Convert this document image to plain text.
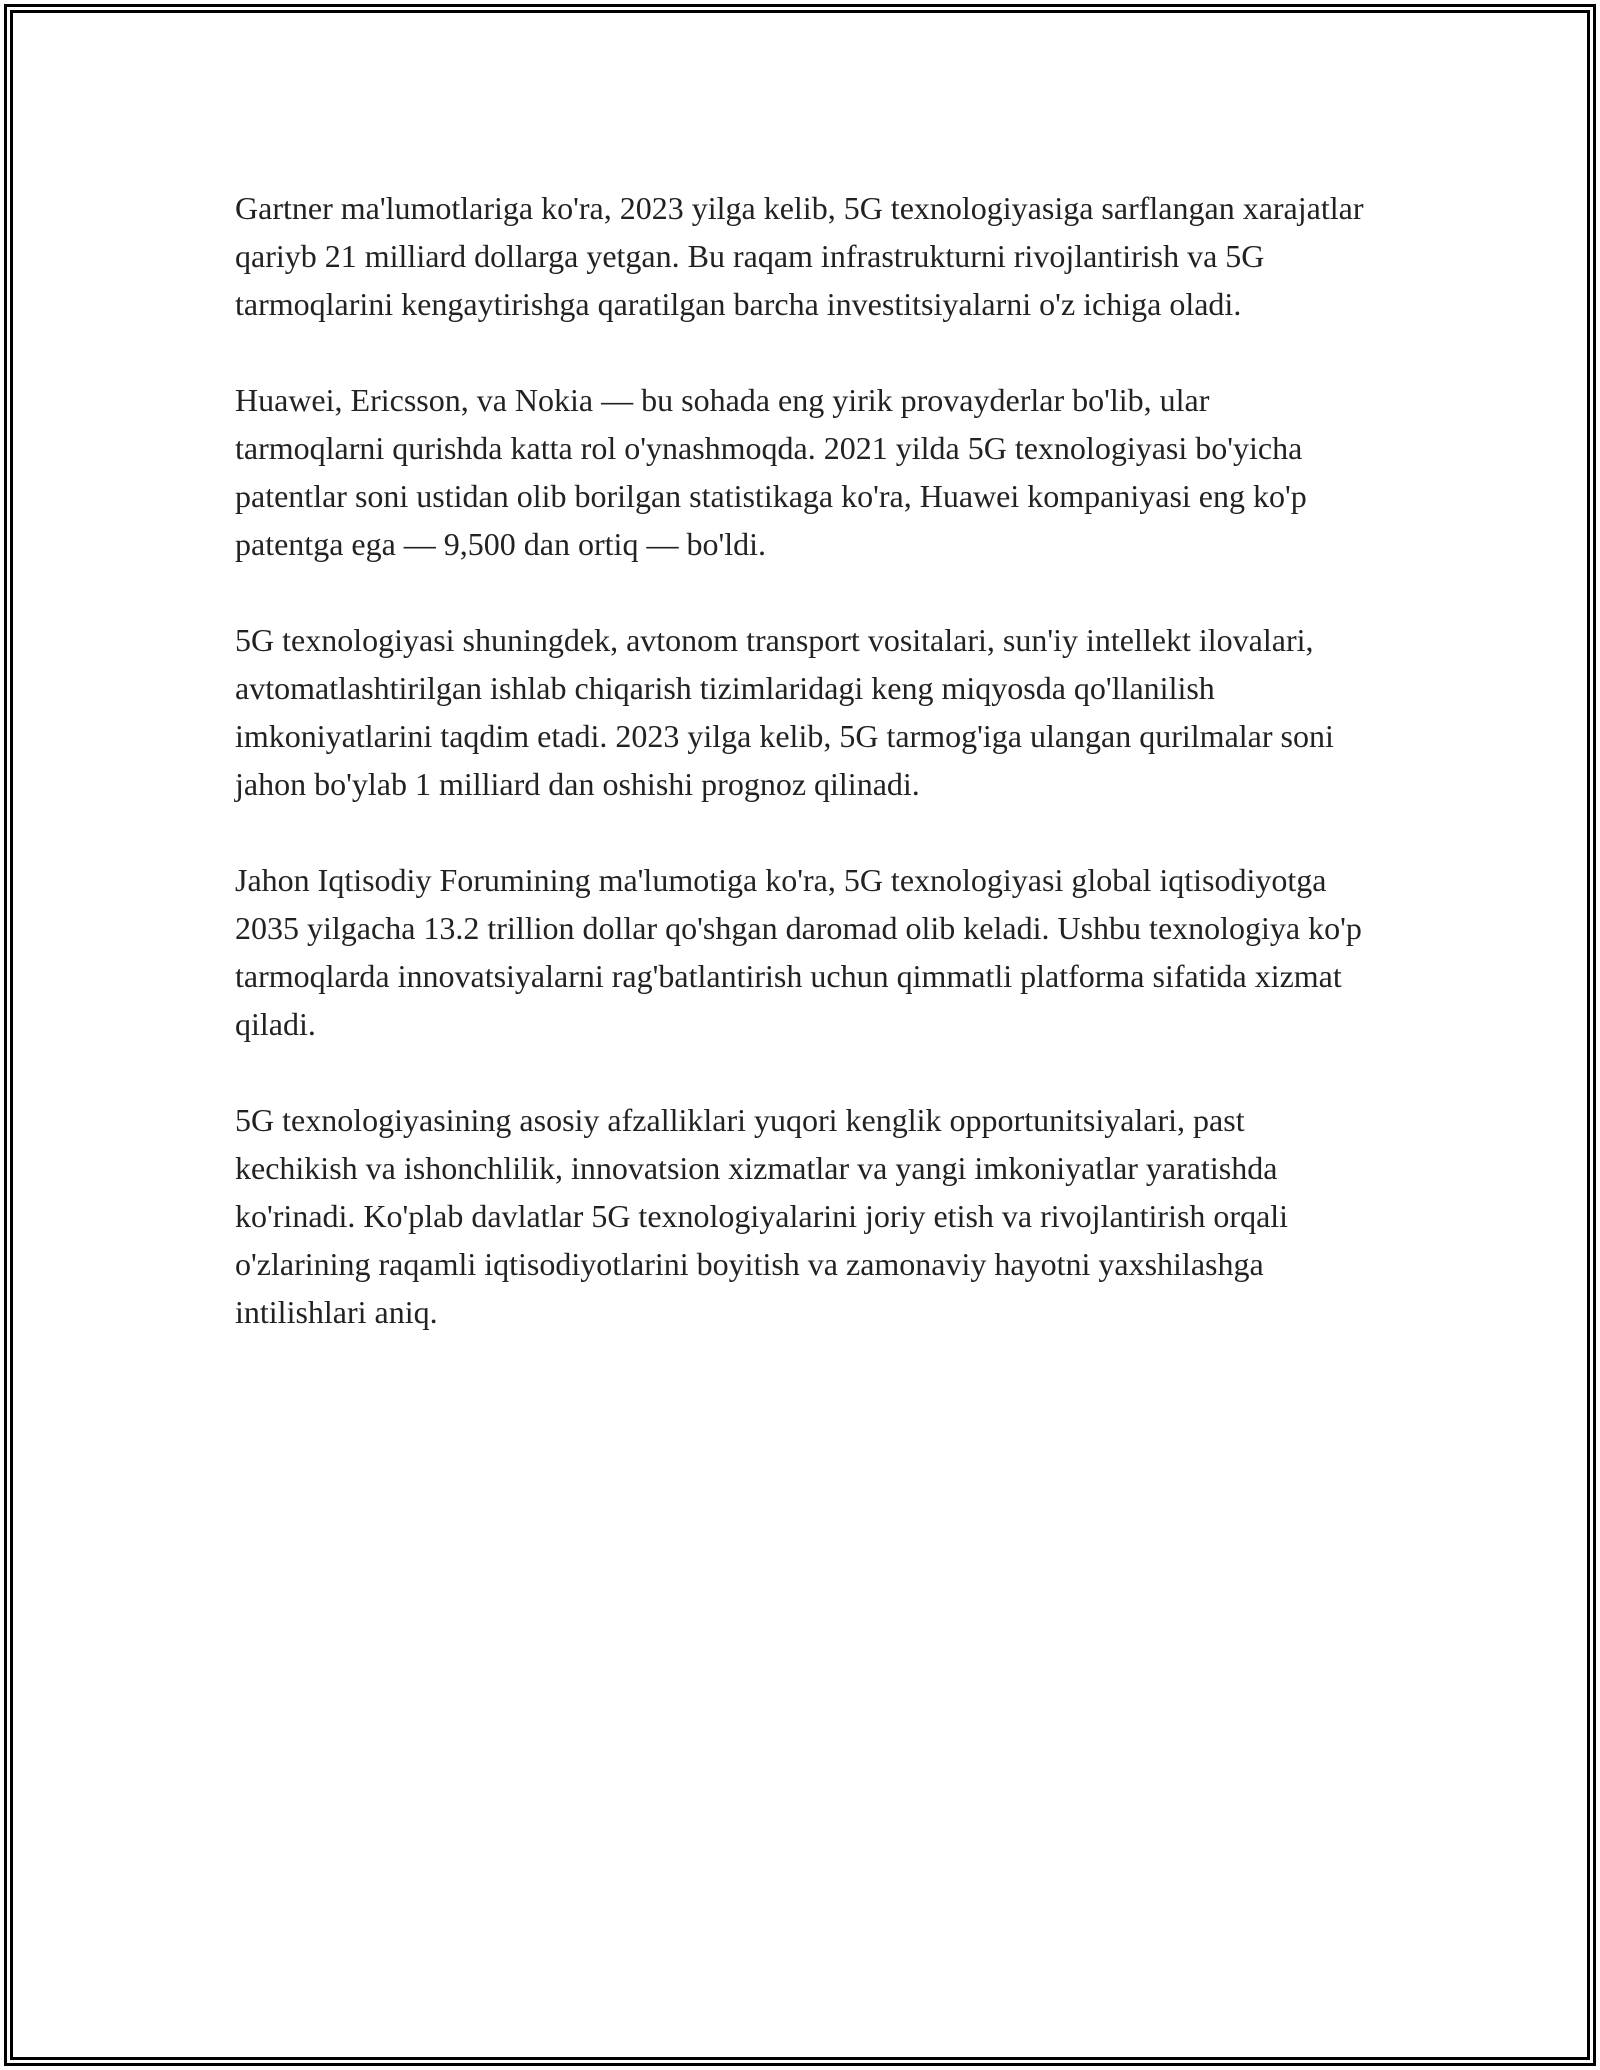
Gartner ma'lumotlariga ko'ra, 2023 yilga kelib, 5G texnologiyasiga sarflangan xarajatlar qariyb 21 milliard dollarga yetgan. Bu raqam infrastrukturni rivojlantirish va 5G tarmoqlarini kengaytirishga qaratilgan barcha investitsiyalarni o'z ichiga oladi.

Huawei, Ericsson, va Nokia — bu sohada eng yirik provayderlar bo'lib, ular tarmoqlarni qurishda katta rol o'ynashmoqda. 2021 yilda 5G texnologiyasi bo'yicha patentlar soni ustidan olib borilgan statistikaga ko'ra, Huawei kompaniyasi eng ko'p patentga ega — 9,500 dan ortiq — bo'ldi.

5G texnologiyasi shuningdek, avtonom transport vositalari, sun'iy intellekt ilovalari, avtomatlashtirilgan ishlab chiqarish tizimlaridagi keng miqyosda qo'llanilish imkoniyatlarini taqdim etadi. 2023 yilga kelib, 5G tarmog'iga ulangan qurilmalar soni jahon bo'ylab 1 milliard dan oshishi prognoz qilinadi.

Jahon Iqtisodiy Forumining ma'lumotiga ko'ra, 5G texnologiyasi global iqtisodiyotga 2035 yilgacha 13.2 trillion dollar qo'shgan daromad olib keladi. Ushbu texnologiya ko'p tarmoqlarda innovatsiyalarni rag'batlantirish uchun qimmatli platforma sifatida xizmat qiladi.

5G texnologiyasining asosiy afzalliklari yuqori kenglik opportunitsiyalari, past kechikish va ishonchlilik, innovatsion xizmatlar va yangi imkoniyatlar yaratishda ko'rinadi. Ko'plab davlatlar 5G texnologiyalarini joriy etish va rivojlantirish orqali o'zlarining raqamli iqtisodiyotlarini boyitish va zamonaviy hayotni yaxshilashga intilishlari aniq.
